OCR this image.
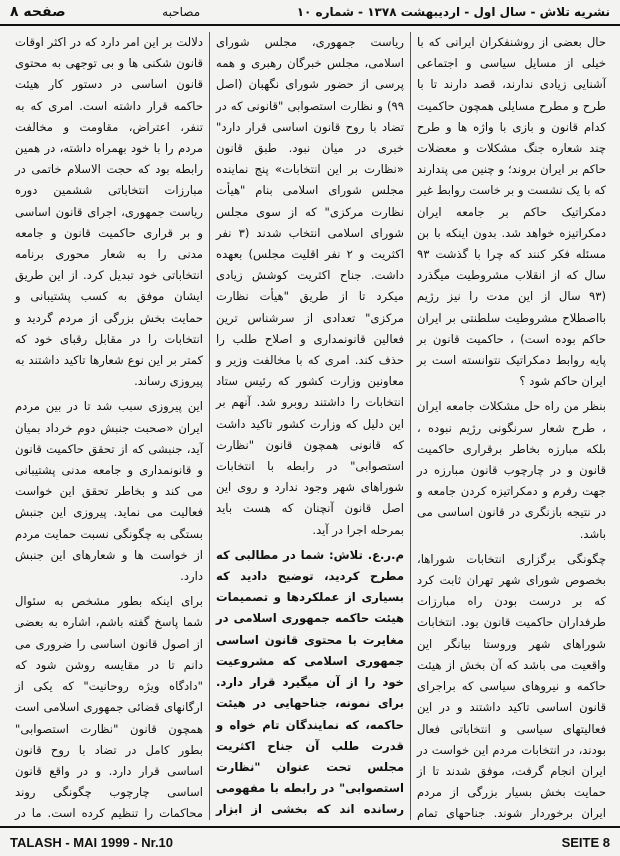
صفحه ۸	مصاحبه	نشریه تلاش - سال اول - اردیبهشت ۱۳۷۸ - شماره ۱۰

حال بعضی از روشنفکران ایرانی که با خیلی از مسایل سیاسی و اجتماعی آشنایی زیادی ندارند، قصد دارند تا با طرح و مطرح مسایلی همچون حاکمیت کدام قانون و بازی با واژه ها و طرح چند شعاره جنگ مشکلات و معضلات حاکم بر ایران بروند؛ و چنین می پندارند که با یک نشست و بر خاست روابط غیر دمکراتیک حاکم بر جامعه ایران دمکراتیزه خواهد شد. بدون اینکه با بن مسئله فکر کنند که چرا با گذشت ۹۳ سال که از انقلاب مشروطیت میگذرد (۹۳ سال از این مدت را نیز رژیم بااصطلاح مشروطیت سلطنتی بر ایران حاکم بوده است) ، حاکمیت قانون بر پایه روابط دمکراتیک نتوانسته است بر ایران حاکم شود ؟

بنظر من راه حل مشکلات جامعه ایران ، طرح شعار سرنگونی رژیم نبوده ، بلکه مبارزه بخاطر برقراری حاکمیت قانون و در چارچوب قانون مبارزه در جهت رفرم و دمکراتیزه کردن جامعه و در نتیجه بازنگری در قانون اساسی می باشد.

چگونگی برگزاری انتخابات شوراها، بخصوص شورای شهر تهران ثابت کرد که بر درست بودن راه مبارزات طرفداران حاکمیت قانون بود. انتخابات شوراهای شهر وروستا بیانگر این واقعیت می باشد که آن بخش از هیئت حاکمه و نیروهای سیاسی که براجرای قانون اساسی تاکید داشتند و در این فعالیتهای سیاسی و انتخاباتی فعال بودند، در انتخابات مردم این خواست در ایران انجام گرفت، موفق شدند تا از حمایت بخش بسیار بزرگی از مردم ایران برخوردار شوند. جناحهای تمام

ریاست جمهوری، مجلس شورای اسلامی، مجلس خبرگان رهبری و همه پرسی از حضور شورای نگهبان (اصل ۹۹) و نظارت استصوابی "قانونی که در تضاد با روح قانون اساسی قرار دارد" خبری در میان نبود. طبق قانون «نظارت بر این انتخابات» پنج نماینده مجلس شورای اسلامی بنام "هیأت نظارت مرکزی" که از سوی مجلس شورای اسلامی انتخاب شدند (۳ نفر اکثریت و ۲ نفر اقلیت مجلس) بعهده داشت. جناح اکثریت کوشش زیادی میکرد تا از طریق "هیأت نظارت مرکزی" تعدادی از سرشناس ترین فعالین قانونمداری و اصلاح طلب را حذف کند. امری که با مخالفت وزیر و معاونین وزارت کشور که رئیس ستاد انتخابات را داشتند روبرو شد. آنهم بر این دلیل که وزارت کشور تاکید داشت که قانونی همچون قانون "نظارت استصوابی" در رابطه با انتخابات شوراهای شهر وجود ندارد و روی این اصل قانون آنچنان که هست باید بمرحله اجرا در آید.

م.ر.ع. تلاش: شما در مطالبی که مطرح کردید، توضیح دادید که بسیاری از عملکردها و تصمیمات هیئت حاکمه جمهوری اسلامی در مغایرت با محتوی قانون اساسی جمهوری اسلامی که مشروعیت خود را از آن میگیرد قرار دارد. برای نمونه، جناحهایی در هیئت حاکمه، که نمایندگان تام خواه و قدرت طلب آن جناح اکثریت مجلس تحت عنوان "نظارت استصوابی" در رابطه با مفهومی رسانده اند که بخشی از ابزار

دلالت بر این امر دارد که در اکثر اوقات قانون شکنی ها و بی توجهی به محتوی قانون اساسی در دستور کار هیئت حاکمه قرار داشته است. امری که به تنفر، اعتراض، مقاومت و مخالفت مردم را با خود بهمراه داشته، در همین رابطه بود که حجت الاسلام خاتمی در مبارزات انتخاباتی ششمین دوره ریاست جمهوری، اجرای قانون اساسی و بر قراری حاکمیت قانون و جامعه مدنی را به شعار محوری برنامه انتخاباتی خود تبدیل کرد. از این طریق ایشان موفق به کسب پشتیبانی و حمایت بخش بزرگی از مردم گردید و انتخابات را در مقابل رقبای خود که کمتر بر این نوع شعارها تاکید داشتند به پیروزی رساند.

این پیروزی سبب شد تا در بین مردم ایران «صحبت جنبش دوم خرداد بمیان آید، جنبشی که از تحقق حاکمیت قانون و قانونمداری و جامعه مدنی پشتیبانی می کند و بخاطر تحقق این خواست فعالیت می نماید. پیروزی این جنبش بستگی به چگونگی نسبت حمایت مردم از خواست ها و شعارهای این جنبش دارد.

برای اینکه بطور مشخص به سئوال شما پاسخ گفته باشم، اشاره به بعضی از اصول قانون اساسی را ضروری می دانم تا در مقایسه روشن شود که "دادگاه ویژه روحانیت" که یکی از ارگانهای قضائی جمهوری اسلامی است همچون قانون "نظارت استصوابی" بطور کامل در تضاد با روح قانون اساسی قرار دارد. و در واقع قانون اساسی چارچوب چگونگی روند محاکمات را تنظیم کرده است. ما در

TALASH - MAI 1999 - Nr.10	SEITE 8
